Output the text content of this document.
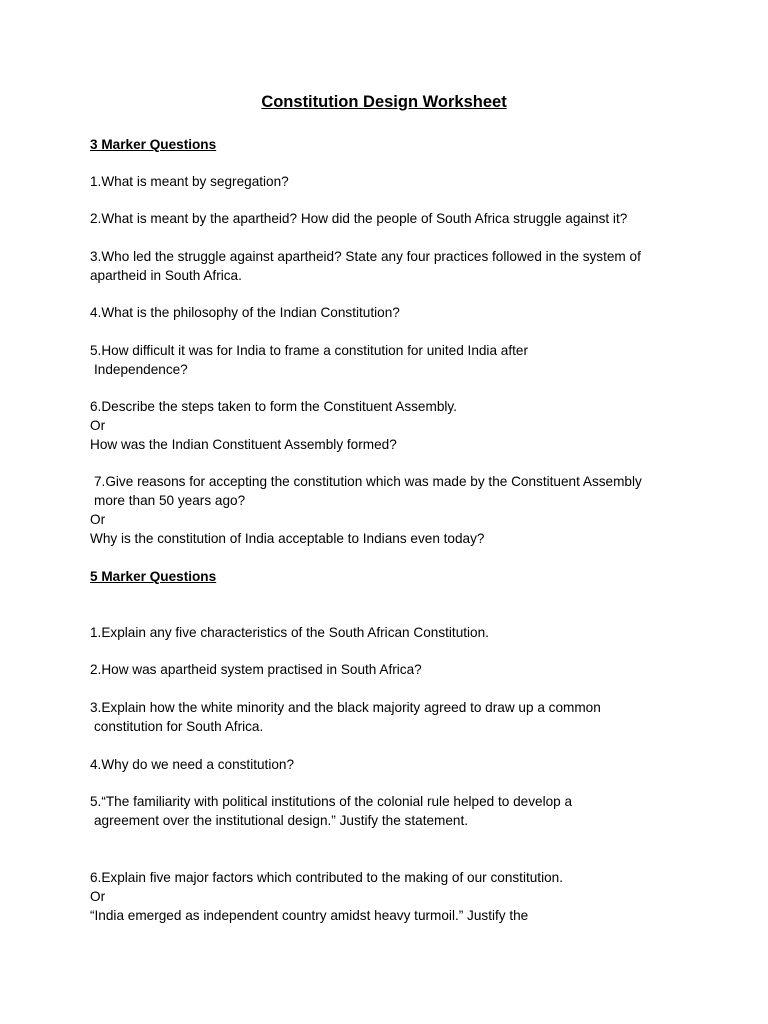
Constitution Design Worksheet
3 Marker Questions
1.What is meant by segregation?
2.What is meant by the apartheid? How did the people of South Africa struggle against it?
3.Who led the struggle against apartheid? State any four practices followed in the system of
apartheid in South Africa.
4.What is the philosophy of the Indian Constitution?
5.How difficult it was for India to frame a constitution for united India after
Independence?
6.Describe the steps taken to form the Constituent Assembly.
Or
How was the Indian Constituent Assembly formed?
7.Give reasons for accepting the constitution which was made by the Constituent Assembly
more than 50 years ago?
Or
Why is the constitution of India acceptable to Indians even today?
5 Marker Questions
1.Explain any five characteristics of the South African Constitution.
2.How was apartheid system practised in South Africa?
3.Explain how the white minority and the black majority agreed to draw up a common
constitution for South Africa.
4.Why do we need a constitution?
5.“The familiarity with political institutions of the colonial rule helped to develop a
agreement over the institutional design.” Justify the statement.
6.Explain five major factors which contributed to the making of our constitution.
Or
“India emerged as independent country amidst heavy turmoil.” Justify the
